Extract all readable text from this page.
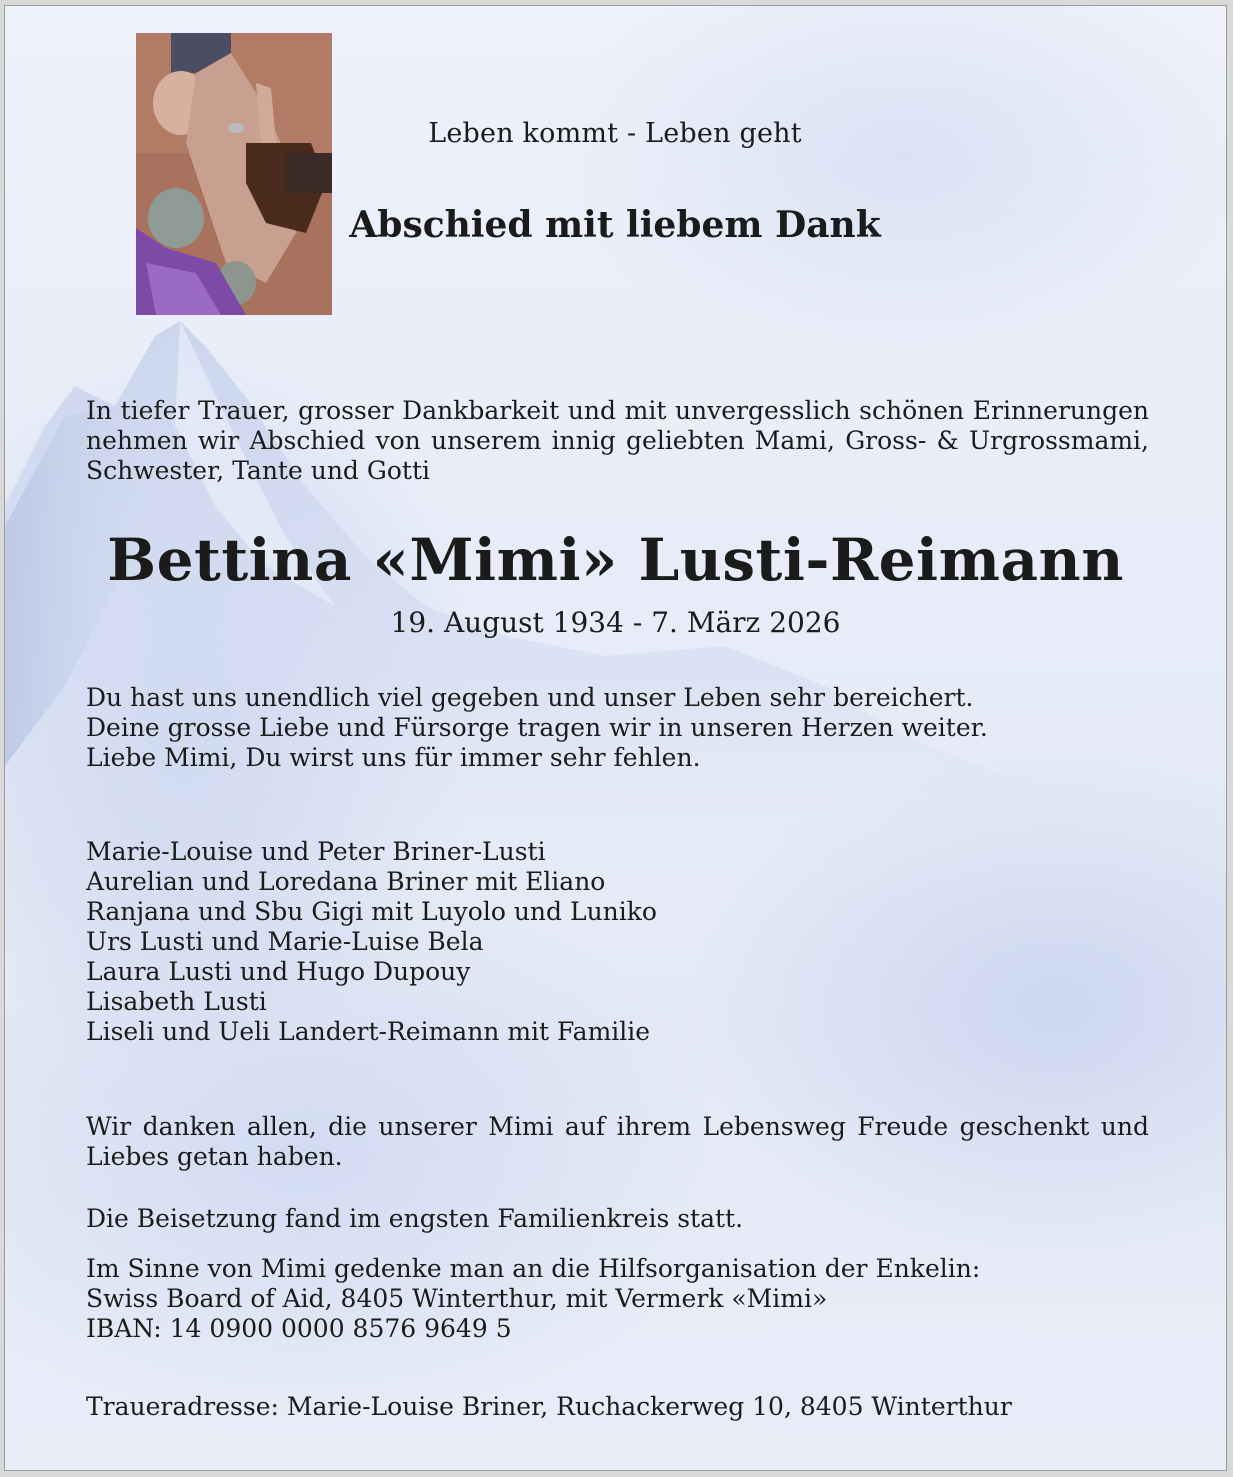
Leben kommt - Leben geht
Abschied mit liebem Dank
In tiefer Trauer, grosser Dankbarkeit und mit unvergesslich schönen Erinnerungen nehmen wir Abschied von unserem innig geliebten Mami, Gross- & Urgrossmami, Schwester, Tante und Gotti
Bettina «Mimi» Lusti-Reimann
19. August 1934 - 7. März 2026
Du hast uns unendlich viel gegeben und unser Leben sehr bereichert.
Deine grosse Liebe und Fürsorge tragen wir in unseren Herzen weiter.
Liebe Mimi, Du wirst uns für immer sehr fehlen.
Marie-Louise und Peter Briner-Lusti
Aurelian und Loredana Briner mit Eliano
Ranjana und Sbu Gigi mit Luyolo und Luniko
Urs Lusti und Marie-Luise Bela
Laura Lusti und Hugo Dupouy
Lisabeth Lusti
Liseli und Ueli Landert-Reimann mit Familie
Wir danken allen, die unserer Mimi auf ihrem Lebensweg Freude geschenkt und Liebes getan haben.
Die Beisetzung fand im engsten Familienkreis statt.
Im Sinne von Mimi gedenke man an die Hilfsorganisation der Enkelin:
Swiss Board of Aid, 8405 Winterthur, mit Vermerk «Mimi»
IBAN: 14 0900 0000 8576 9649 5
Traueradresse: Marie-Louise Briner, Ruchackerweg 10, 8405 Winterthur
